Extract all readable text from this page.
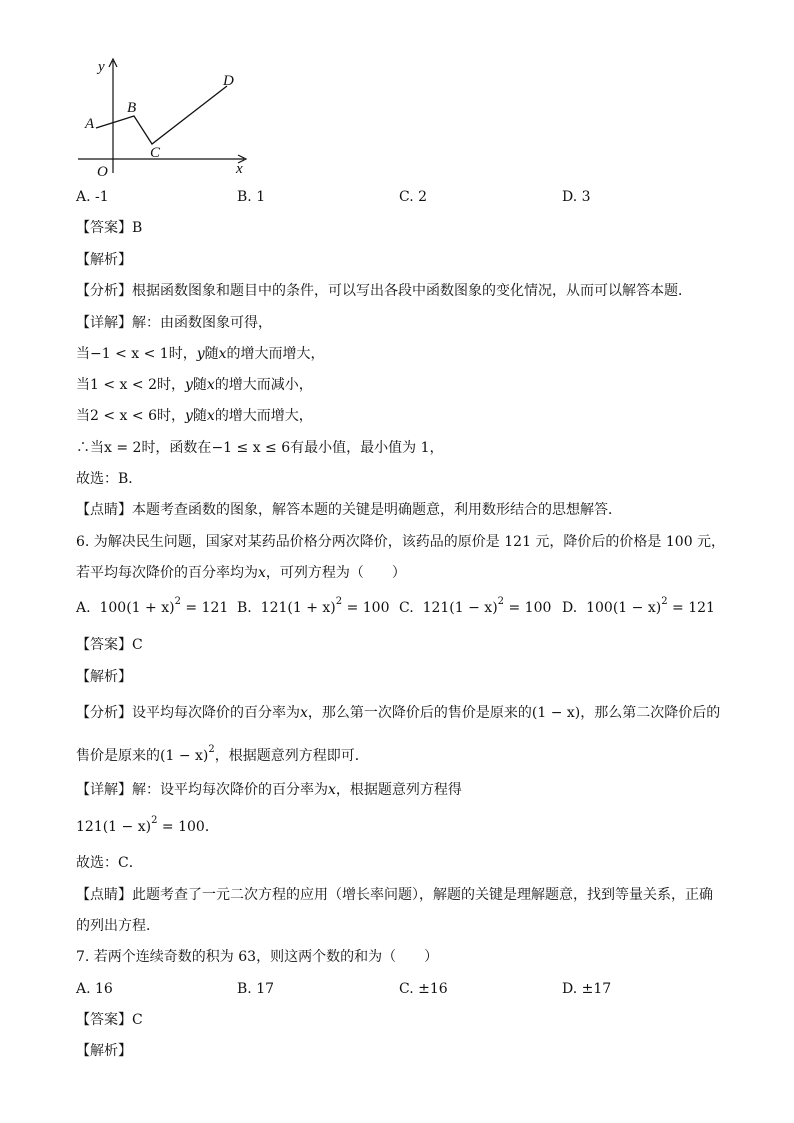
y
x
O
A
B
C
D
A. -1	B. 1	C. 2	D. 3
【答案】B
【解析】
【分析】根据函数图象和题目中的条件，可以写出各段中函数图象的变化情况，从而可以解答本题．
【详解】解：由函数图象可得，
当−1 < x < 1时，y随x的增大而增大，
当1 < x < 2时，y随x的增大而减小，
当2 < x < 6时，y随x的增大而增大，
∴当x = 2时，函数在−1 ≤ x ≤ 6有最小值，最小值为 1，
故选：B．
【点睛】本题考查函数的图象，解答本题的关键是明确题意，利用数形结合的思想解答．
6. 为解决民生问题，国家对某药品价格分两次降价，该药品的原价是 121 元，降价后的价格是 100 元，
若平均每次降价的百分率均为x，可列方程为（　　）
A. $100(1 + x)^2 = 121$ B. $121(1 + x)^2 = 100$ C. $121(1 - x)^2 = 100$ D. $100(1 - x)^2 = 121$
【答案】C
【解析】
【分析】设平均每次降价的百分率为x，那么第一次降价后的售价是原来的(1 − x)，那么第二次降价后的
售价是原来的$(1 - x)^2$，根据题意列方程即可．
【详解】解：设平均每次降价的百分率为x，根据题意列方程得
$121(1 - x)^2 = 100$．
故选：C．
【点睛】此题考查了一元二次方程的应用（增长率问题），解题的关键是理解题意，找到等量关系，正确
的列出方程．
7. 若两个连续奇数的积为 63，则这两个数的和为（　　）
A. 16	B. 17	C. ±16	D. ±17
【答案】C
【解析】
